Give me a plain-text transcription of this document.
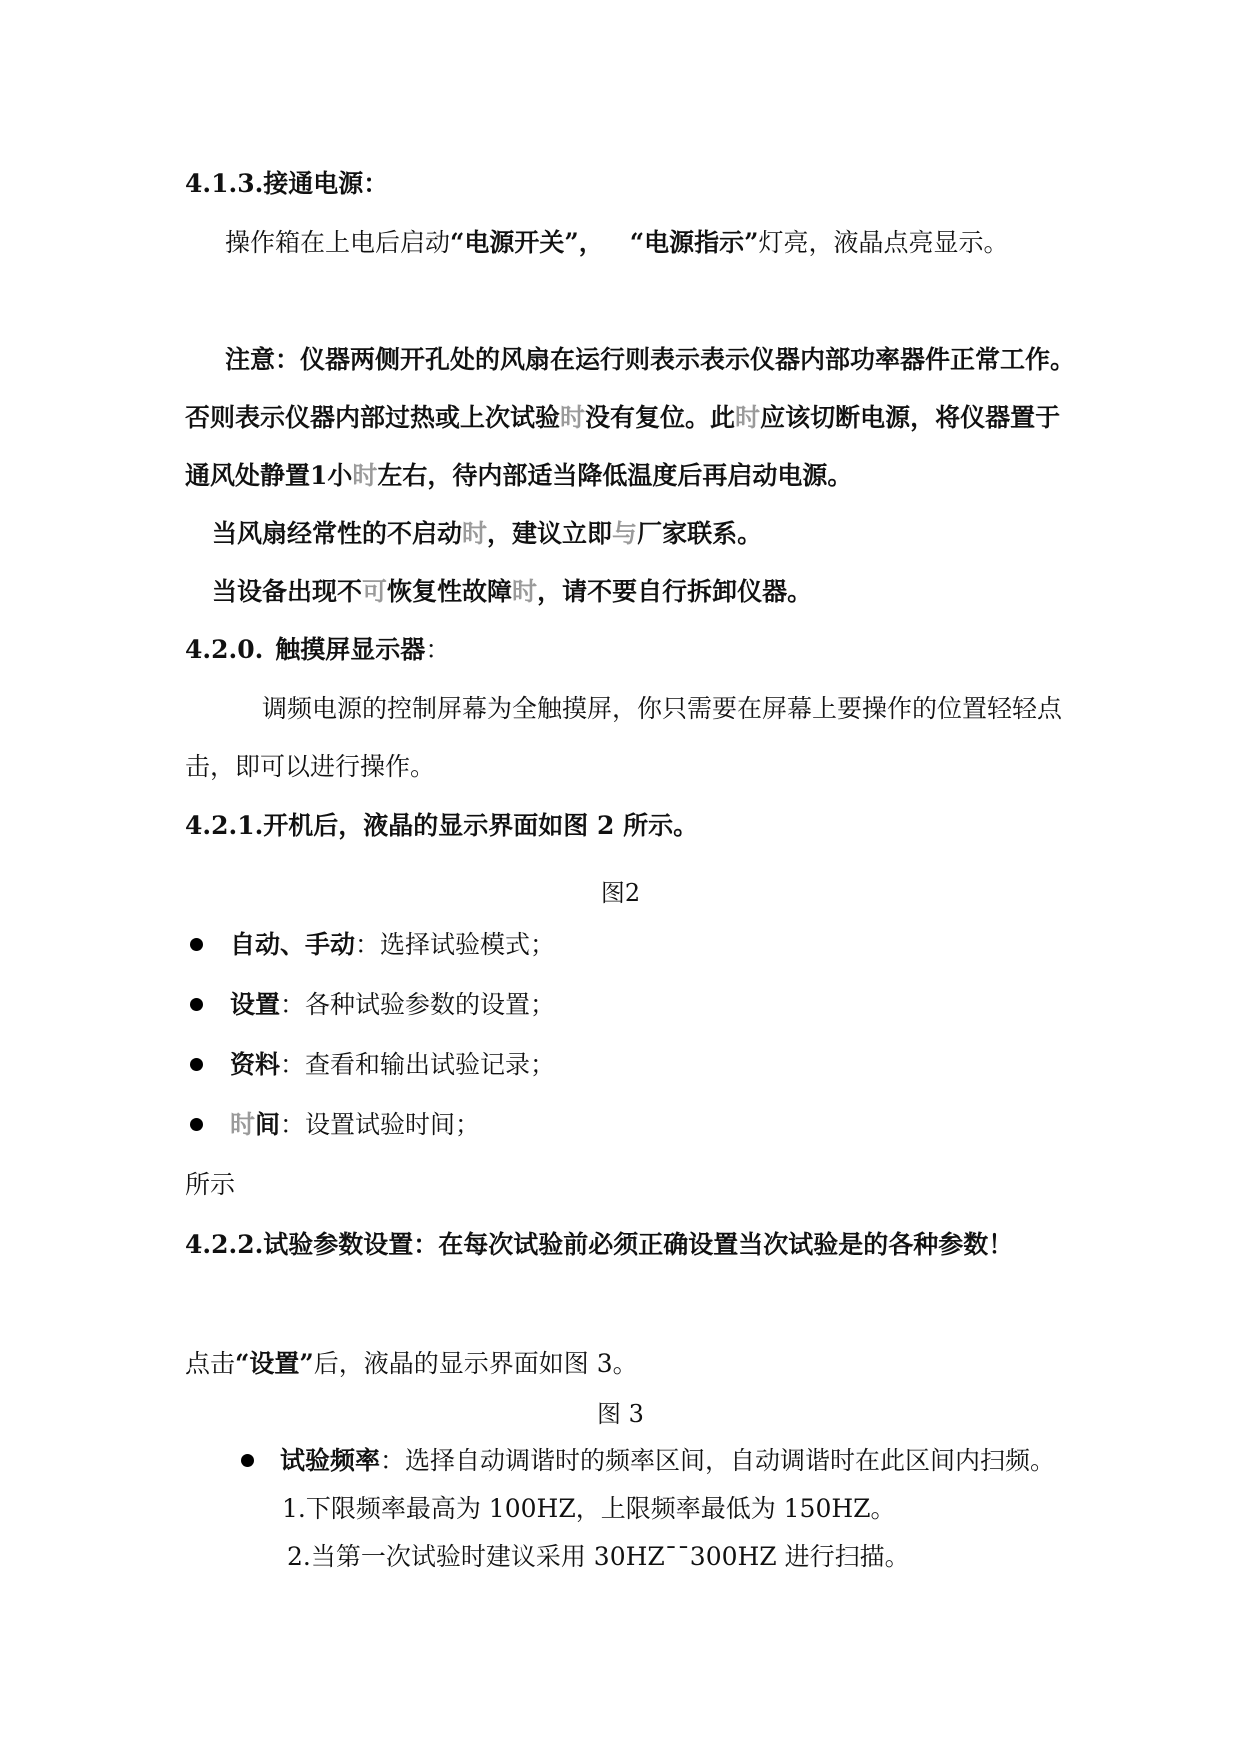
4.1.3.接通电源：
操作箱在上电后启动“电源开关”， “电源指示”灯亮，液晶点亮显示。
注意：仪器两侧开孔处的风扇在运行则表示表示仪器内部功率器件正常工作。
否则表示仪器内部过热或上次试验时没有复位。此时应该切断电源，将仪器置于
通风处静置1小时左右，待内部适当降低温度后再启动电源。
当风扇经常性的不启动时，建议立即与厂家联系。
当设备出现不可恢复性故障时，请不要自行拆卸仪器。
4.2.0. 触摸屏显示器：
调频电源的控制屏幕为全触摸屏，你只需要在屏幕上要操作的位置轻轻点
击，即可以进行操作。
4.2.1.开机后，液晶的显示界面如图 2 所示。
图2
自动、手动：选择试验模式；
设置：各种试验参数的设置；
资料：查看和输出试验记录；
时间：设置试验时间；
所示
4.2.2.试验参数设置：在每次试验前必须正确设置当次试验是的各种参数！
点击“设置”后，液晶的显示界面如图 3。
图 3
试验频率：选择自动调谐时的频率区间，自动调谐时在此区间内扫频。
1.下限频率最高为 100HZ，上限频率最低为 150HZ。
2.当第一次试验时建议采用 30HZ¯¯300HZ 进行扫描。
